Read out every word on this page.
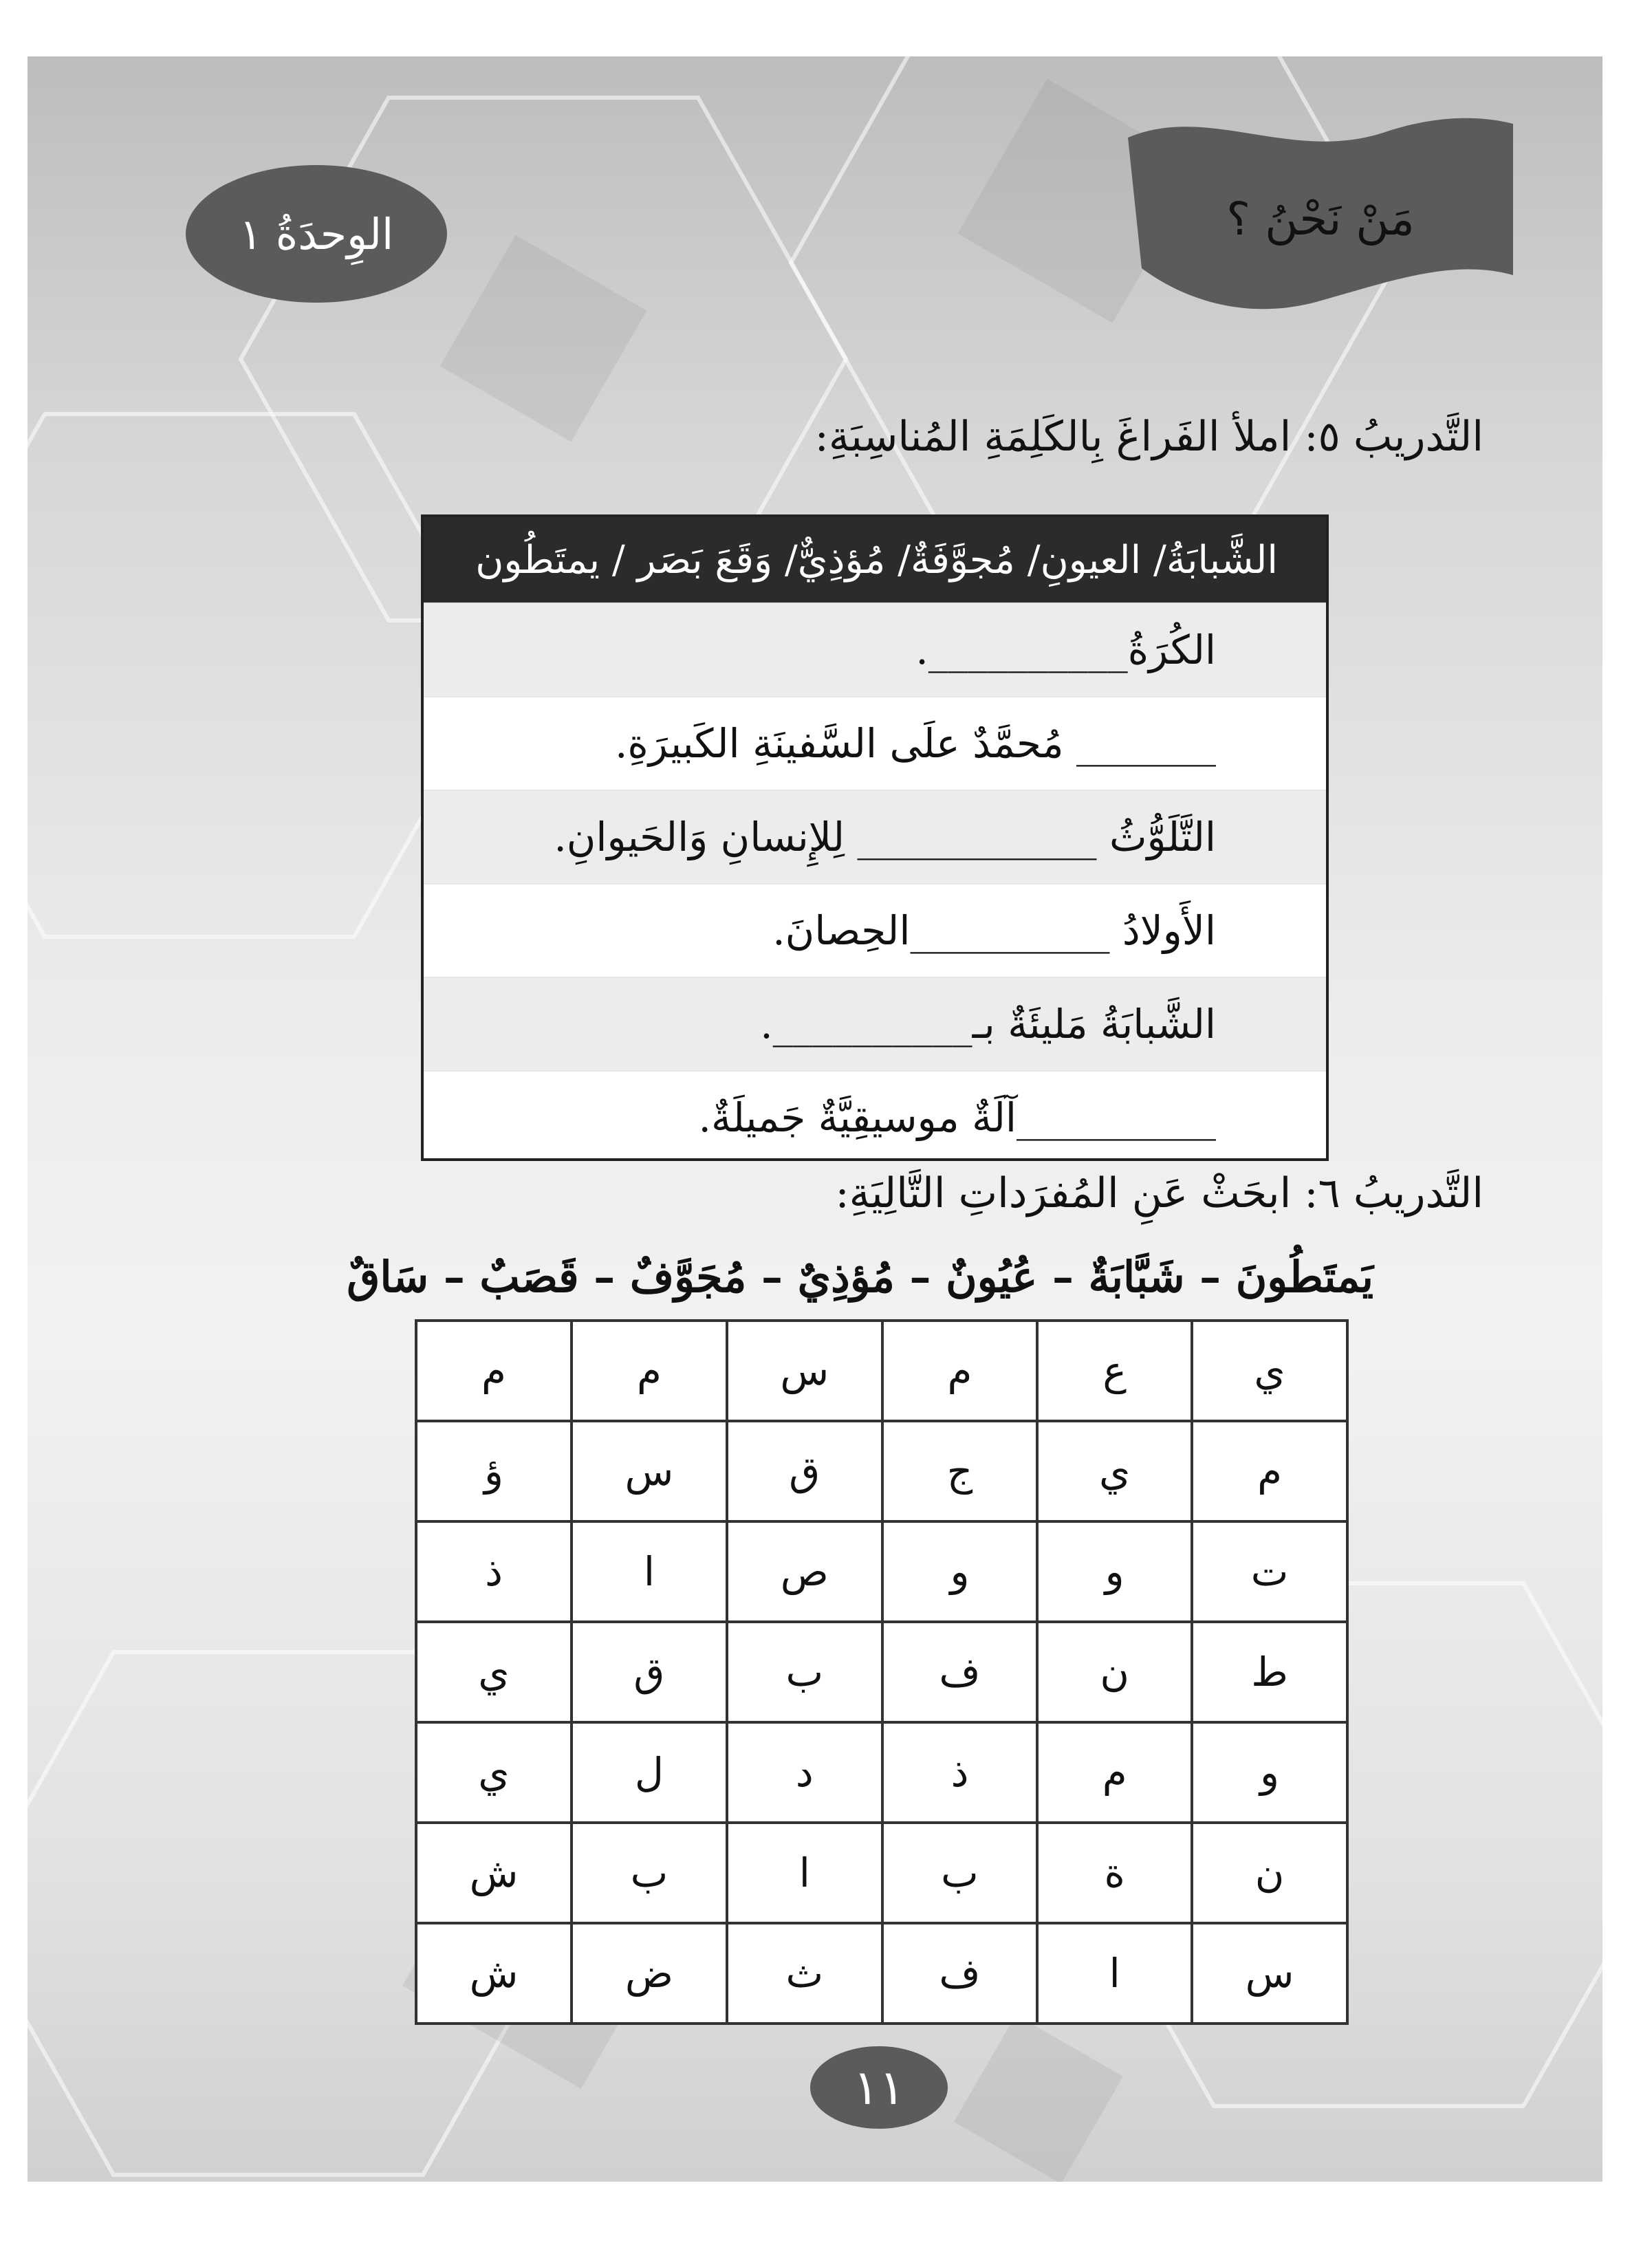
مَنْ نَحْنُ ؟
الوِحدَةُ ١
التَّدريبُ ٥: املأ الفَراغَ بِالكَلِمَةِ المُناسِبَةِ:
الشَّبابَةُ/ العيونِ/ مُجوَّفَةٌ/ مُؤذِيٌّ/ وَقَعَ بَصَر / يمتَطُون
الكُرَةُ__________.
_______ مُحمَّدٌ علَى السَّفينَةِ الكَبيرَةِ.
التَّلَوُّثُ ____________ لِلإِنسانِ وَالحَيوانِ.
الأَولادُ __________الحِصانَ.
الشَّبابَةُ مَليئَةٌ بـ__________.
__________آلَةٌ موسيقِيَّةٌ جَميلَةٌ.
التَّدريبُ ٦: ابحَثْ عَنِ المُفرَداتِ التَّالِيَةِ:
يَمتَطُونَ – شَبَّابَةٌ – عُيُونٌ – مُؤذِيٌ – مُجَوَّفٌ – قَصَبٌ – سَاقٌ
ي	ع	م	س	م	م
م	ي	ج	ق	س	ؤ
ت	و	و	ص	ا	ذ
ط	ن	ف	ب	ق	ي
و	م	ذ	د	ل	ي
ن	ة	ب	ا	ب	ش
س	ا	ف	ث	ض	ش
١١
